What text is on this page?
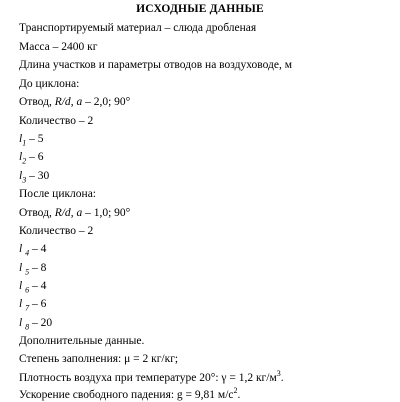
ИСХОДНЫЕ ДАННЫЕ
Транспортируемый материал – слюда дробленая
Масса – 2400 кг
Длина участков и параметры отводов на воздуховоде, м
До циклона:
Отвод, R/d, а – 2,0; 90°
Количество – 2
$l_1 - 5$
$l_2 - 6$
$l_3 - 30$
После циклона:
Отвод, R/d, а – 1,0; 90°
Количество – 2
l $_4$ – 4
l $_5$ – 8
l $_6$ – 4
l $_7$ – 6
l $_8$ – 20
Дополнительные данные.
Степень заполнения: μ = 2 кг/кг;
Плотность воздуха при температуре 20°: γ = 1,2 $кг/м^3$.
Ускорение свободного падения: g = 9,81 $м/с^2$.
